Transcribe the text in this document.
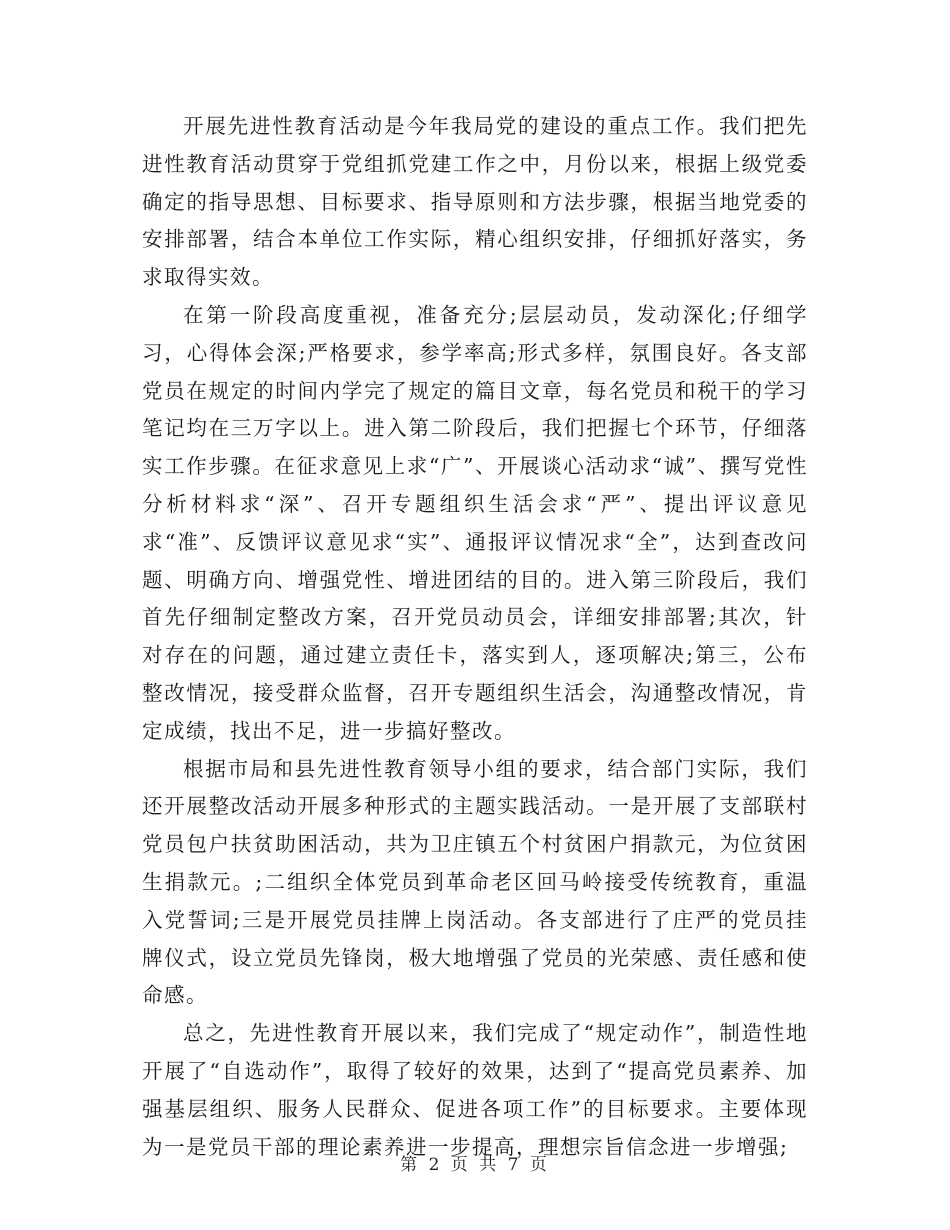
开展先进性教育活动是今年我局党的建设的重点工作。我们把先进性教育活动贯穿于党组抓党建工作之中，月份以来，根据上级党委确定的指导思想、目标要求、指导原则和方法步骤，根据当地党委的安排部署，结合本单位工作实际，精心组织安排，仔细抓好落实，务求取得实效。

在第一阶段高度重视，准备充分;层层动员，发动深化;仔细学习，心得体会深;严格要求，参学率高;形式多样，氛围良好。各支部党员在规定的时间内学完了规定的篇目文章，每名党员和税干的学习笔记均在三万字以上。进入第二阶段后，我们把握七个环节，仔细落实工作步骤。在征求意见上求“广”、开展谈心活动求“诚”、撰写党性分析材料求“深”、召开专题组织生活会求“严”、提出评议意见求“准”、反馈评议意见求“实”、通报评议情况求“全”，达到查改问题、明确方向、增强党性、增进团结的目的。进入第三阶段后，我们首先仔细制定整改方案，召开党员动员会，详细安排部署;其次，针对存在的问题，通过建立责任卡，落实到人，逐项解决;第三，公布整改情况，接受群众监督，召开专题组织生活会，沟通整改情况，肯定成绩，找出不足，进一步搞好整改。

根据市局和县先进性教育领导小组的要求，结合部门实际，我们还开展整改活动开展多种形式的主题实践活动。一是开展了支部联村党员包户扶贫助困活动，共为卫庄镇五个村贫困户捐款元，为位贫困生捐款元。;二组织全体党员到革命老区回马岭接受传统教育，重温入党誓词;三是开展党员挂牌上岗活动。各支部进行了庄严的党员挂牌仪式，设立党员先锋岗，极大地增强了党员的光荣感、责任感和使命感。

总之，先进性教育开展以来，我们完成了“规定动作”，制造性地开展了“自选动作”，取得了较好的效果，达到了“提高党员素养、加强基层组织、服务人民群众、促进各项工作”的目标要求。主要体现为一是党员干部的理论素养进一步提高，理想宗旨信念进一步增强;

第 2 页 共 7 页
